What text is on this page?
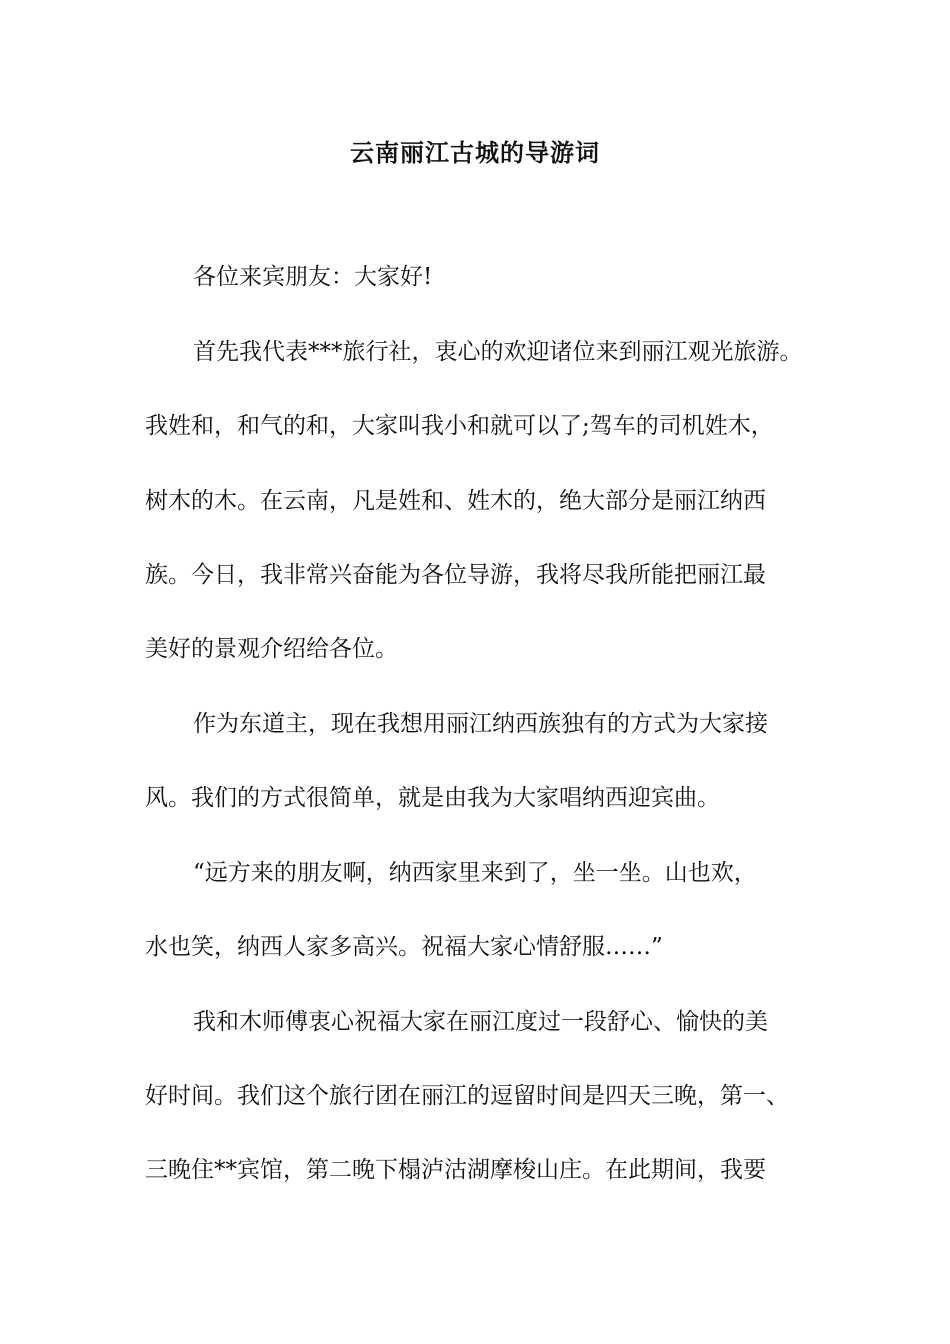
云南丽江古城的导游词
各位来宾朋友：大家好!
首先我代表***旅行社，衷心的欢迎诸位来到丽江观光旅游。
我姓和，和气的和，大家叫我小和就可以了;驾车的司机姓木，
树木的木。在云南，凡是姓和、姓木的，绝大部分是丽江纳西
族。今日，我非常兴奋能为各位导游，我将尽我所能把丽江最
美好的景观介绍给各位。
作为东道主，现在我想用丽江纳西族独有的方式为大家接
风。我们的方式很简单，就是由我为大家唱纳西迎宾曲。
“远方来的朋友啊，纳西家里来到了，坐一坐。山也欢，
水也笑，纳西人家多高兴。祝福大家心情舒服……”
我和木师傅衷心祝福大家在丽江度过一段舒心、愉快的美
好时间。我们这个旅行团在丽江的逗留时间是四天三晚，第一、
三晚住**宾馆，第二晚下榻泸沽湖摩梭山庄。在此期间，我要
